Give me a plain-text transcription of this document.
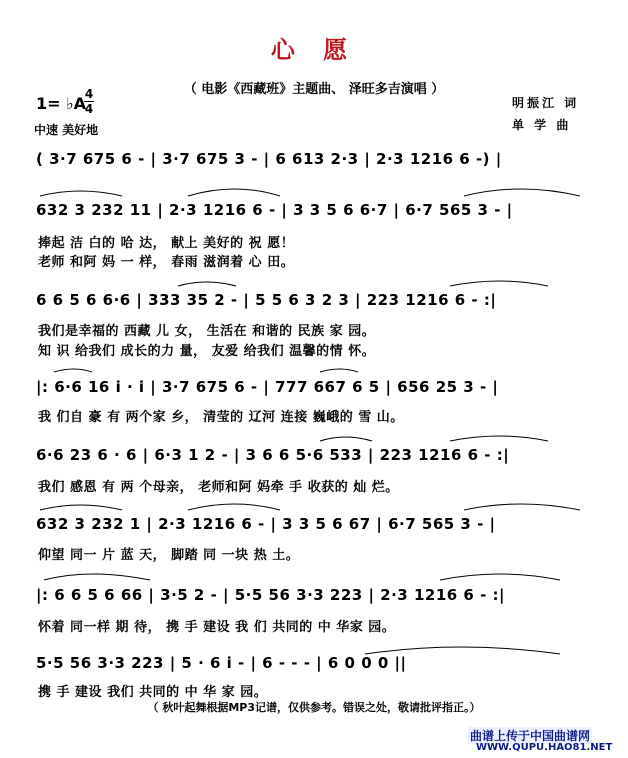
心 愿
（ 电影《西藏班》主题曲、 泽旺多吉演唱 ）
1= ♭A
4
4
中速 美好地
明振江 词
单 学 曲
( 3·7 675 6 - | 3·7 675 3 - | 6 613 2·3 | 2·3 1216 6 -) |
632 3 232 11 | 2·3 1216 6 - | 3 3 5 6 6·7 | 6·7 565 3 - |
捧起 洁 白的 哈 达， 献上 美好的 祝 愿！
老师 和阿 妈 一 样， 春雨 滋润着 心 田。
6 6 5 6 6·6 | 333 35 2 - | 5 5 6 3 2 3 | 223 1216 6 - :|
我们是幸福的 西藏 儿 女， 生活在 和谐的 民族 家 园。
知 识 给我们 成长的力 量， 友爱 给我们 温馨的情 怀。
|: 6·6 16 i · i | 3·7 675 6 - | 777 667 6 5 | 656 25 3 - |
我 们自 豪 有 两个家 乡， 清莹的 辽河 连接 巍峨的 雪 山。
6·6 23 6 · 6 | 6·3 1 2 - | 3 6 6 5·6 533 | 223 1216 6 - :|
我们 感恩 有 两 个母亲， 老师和阿 妈牵 手 收获的 灿 烂。
632 3 232 1 | 2·3 1216 6 - | 3 3 5 6 67 | 6·7 565 3 - |
仰望 同一 片 蓝 天， 脚踏 同 一块 热 土。
|: 6 6 5 6 66 | 3·5 2 - | 5·5 56 3·3 223 | 2·3 1216 6 - :|
怀着 同一样 期 待， 携 手 建设 我 们 共同的 中 华家 园。
5·5 56 3·3 223 | 5 · 6 i - | 6 - - - | 6 0 0 0 ||
携 手 建设 我们 共同的 中 华 家 园。
（ 秋叶起舞根据MP3记谱，仅供参考。错误之处，敬请批评指正。）
曲谱上传于中国曲谱网
WWW.QUPU.HAO81.NET
